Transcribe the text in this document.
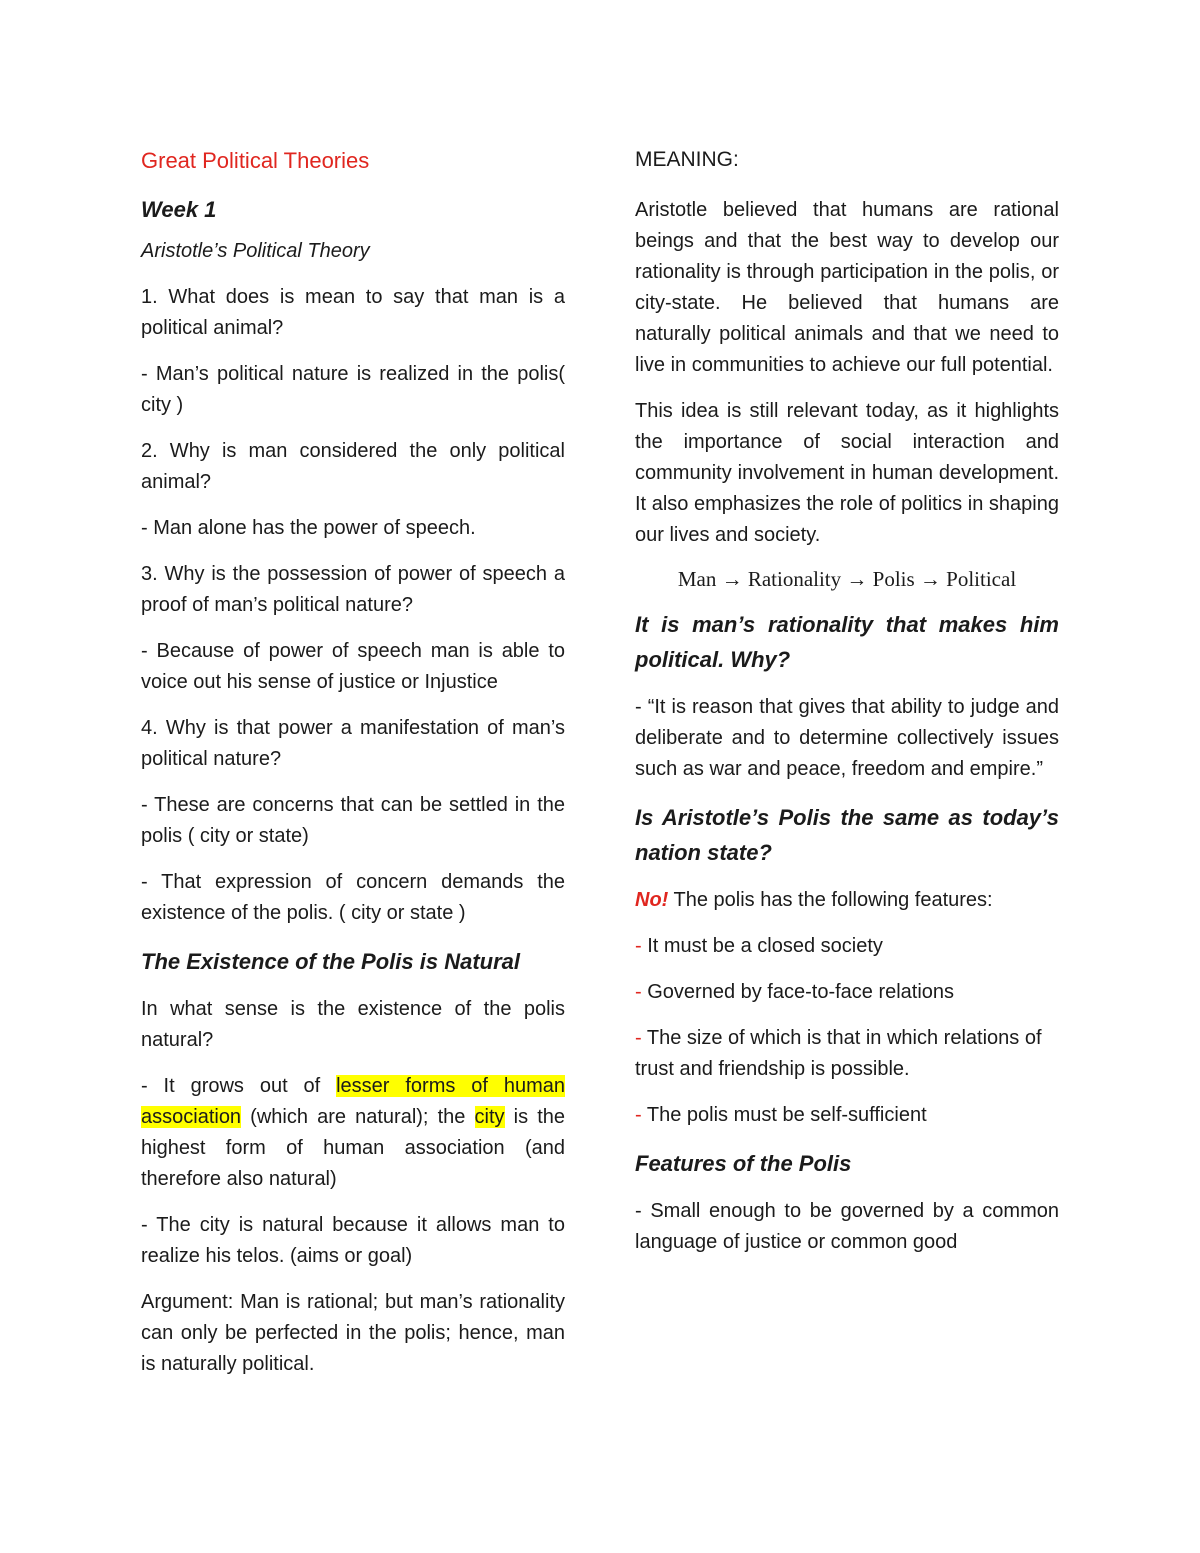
Great Political Theories

Week 1

Aristotle’s Political Theory

1. What does is mean to say that man is a political animal?

- Man’s political nature is realized in the polis( city )

2. Why is man considered the only political animal?

- Man alone has the power of speech.

3. Why is the possession of power of speech a proof of man’s political nature?

- Because of power of speech man is able to voice out his sense of justice or Injustice

4. Why is that power a manifestation of man’s political nature?

- These are concerns that can be settled in the polis ( city or state)

- That expression of concern demands the existence of the polis. ( city or state )

The Existence of the Polis is Natural

In what sense is the existence of the polis natural?

- It grows out of lesser forms of human association (which are natural); the city is the highest form of human association (and therefore also natural)

- The city is natural because it allows man to realize his telos. (aims or goal)

Argument: Man is rational; but man’s rationality can only be perfected in the polis; hence, man is naturally political.

MEANING:

Aristotle believed that humans are rational beings and that the best way to develop our rationality is through participation in the polis, or city-state. He believed that humans are naturally political animals and that we need to live in communities to achieve our full potential.

This idea is still relevant today, as it highlights the importance of social interaction and community involvement in human development. It also emphasizes the role of politics in shaping our lives and society.

Man → Rationality → Polis → Political

It is man’s rationality that makes him political. Why?

- “It is reason that gives that ability to judge and deliberate and to determine collectively issues such as war and peace, freedom and empire.”

Is Aristotle’s Polis the same as today’s nation state?

No! The polis has the following features:

- It must be a closed society

- Governed by face-to-face relations

- The size of which is that in which relations of trust and friendship is possible.

- The polis must be self-sufficient

Features of the Polis

- Small enough to be governed by a common language of justice or common good
